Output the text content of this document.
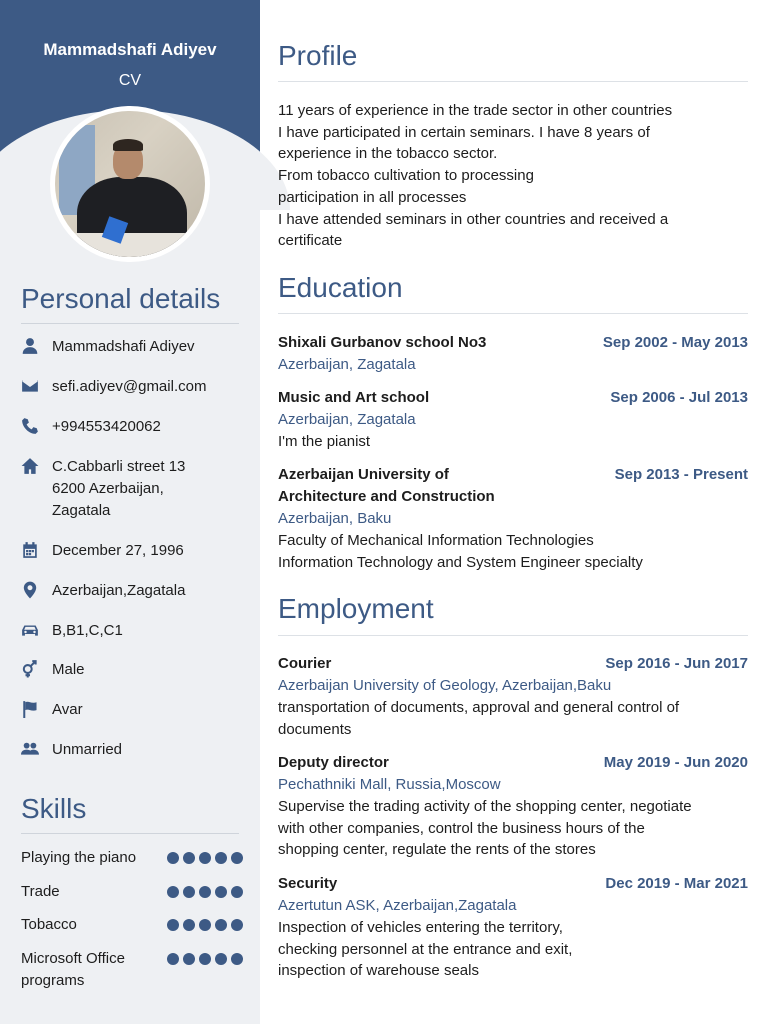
Mammadshafi Adiyev
CV
Personal details
Mammadshafi Adiyev
sefi.adiyev@gmail.com
+994553420062
C.Cabbarli street 13
6200 Azerbaijan,
Zagatala
December 27, 1996
Azerbaijan,Zagatala
B,B1,C,C1
Male
Avar
Unmarried
Skills
Playing the piano
Trade
Tobacco
Microsoft Office programs
Profile
11 years of experience in the trade sector in other countries
I have participated in certain seminars. I have 8 years of
experience in the tobacco sector.
From tobacco cultivation to processing
participation in all processes
I have attended seminars in other countries and received a
certificate
Education
Shixali Gurbanov school No3	Sep 2002 - May 2013
Azerbaijan, Zagatala
Music and Art school	Sep 2006 - Jul 2013
Azerbaijan, Zagatala
I'm the pianist
Azerbaijan University of
Architecture and Construction
Sep 2013 - Present
Azerbaijan, Baku
Faculty of Mechanical Information Technologies
Information Technology and System Engineer specialty
Employment
Courier	Sep 2016 - Jun 2017
Azerbaijan University of Geology, Azerbaijan,Baku
transportation of documents, approval and general control of
documents
Deputy director	May 2019 - Jun 2020
Pechathniki Mall, Russia,Moscow
Supervise the trading activity of the shopping center, negotiate
with other companies, control the business hours of the
shopping center, regulate the rents of the stores
Security	Dec 2019 - Mar 2021
Azertutun ASK, Azerbaijan,Zagatala
Inspection of vehicles entering the territory,
checking personnel at the entrance and exit,
inspection of warehouse seals
